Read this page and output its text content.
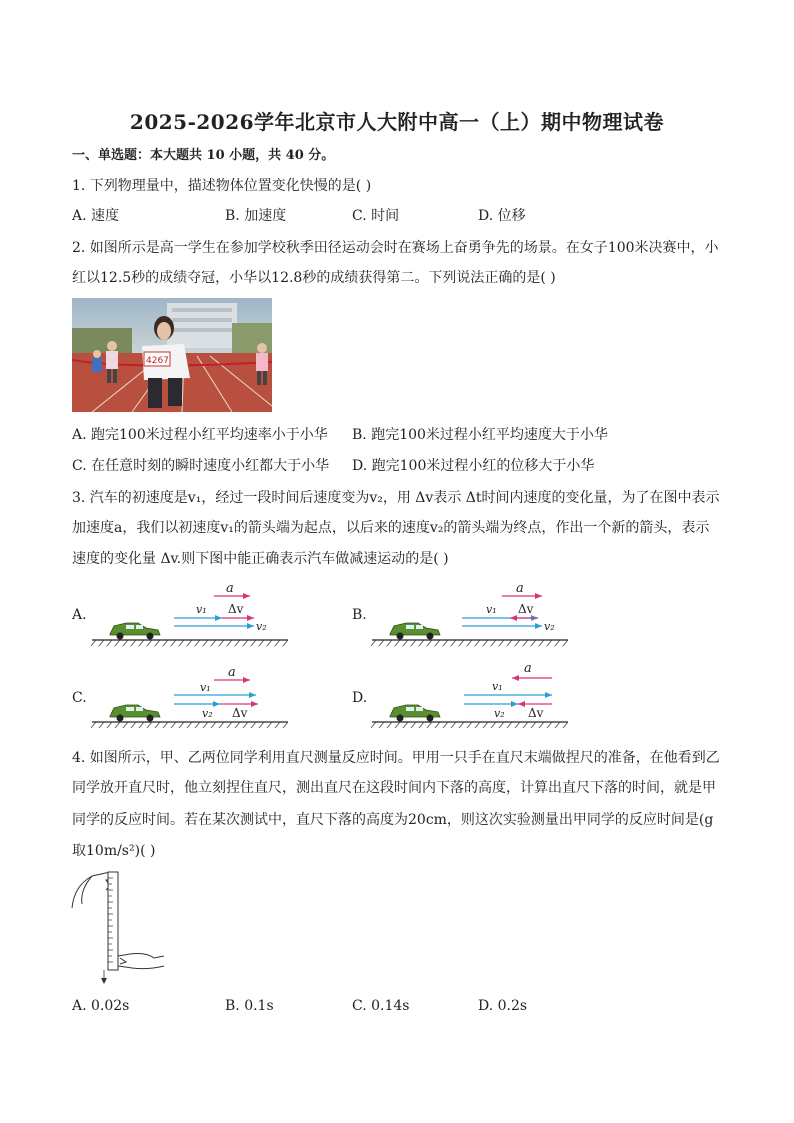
2025-2026学年北京市人大附中高一（上）期中物理试卷
一、单选题：本大题共 10 小题，共 40 分。
1. 下列物理量中，描述物体位置变化快慢的是( )
A. 速度	B. 加速度	C. 时间	D. 位移
2. 如图所示是高一学生在参加学校秋季田径运动会时在赛场上奋勇争先的场景。在女子100米决赛中，小
红以12.5秒的成绩夺冠，小华以12.8秒的成绩获得第二。下列说法正确的是( )
4267
A. 跑完100米过程小红平均速率小于小华 B. 跑完100米过程小红平均速度大于小华
C. 在任意时刻的瞬时速度小红都大于小华 D. 跑完100米过程小红的位移大于小华
3. 汽车的初速度是v₁，经过一段时间后速度变为v₂，用 Δv表示 Δt时间内速度的变化量，为了在图中表示
加速度a，我们以初速度v₁的箭头端为起点，以后来的速度v₂的箭头端为终点，作出一个新的箭头，表示
速度的变化量 Δv.则下图中能正确表示汽车做减速运动的是( )
A.
a
v₁ Δv
v₂
B.
a
v₁ Δv
v₂
C.
a
v₁
v₂ Δv
D.
a
v₁
v₂ Δv
4. 如图所示，甲、乙两位同学利用直尺测量反应时间。甲用一只手在直尺末端做捏尺的准备，在他看到乙
同学放开直尺时，他立刻捏住直尺，测出直尺在这段时间内下落的高度，计算出直尺下落的时间，就是甲
同学的反应时间。若在某次测试中，直尺下落的高度为20cm，则这次实验测量出甲同学的反应时间是(g
取10m/s²)( )
A. 0.02s	B. 0.1s	C. 0.14s	D. 0.2s
